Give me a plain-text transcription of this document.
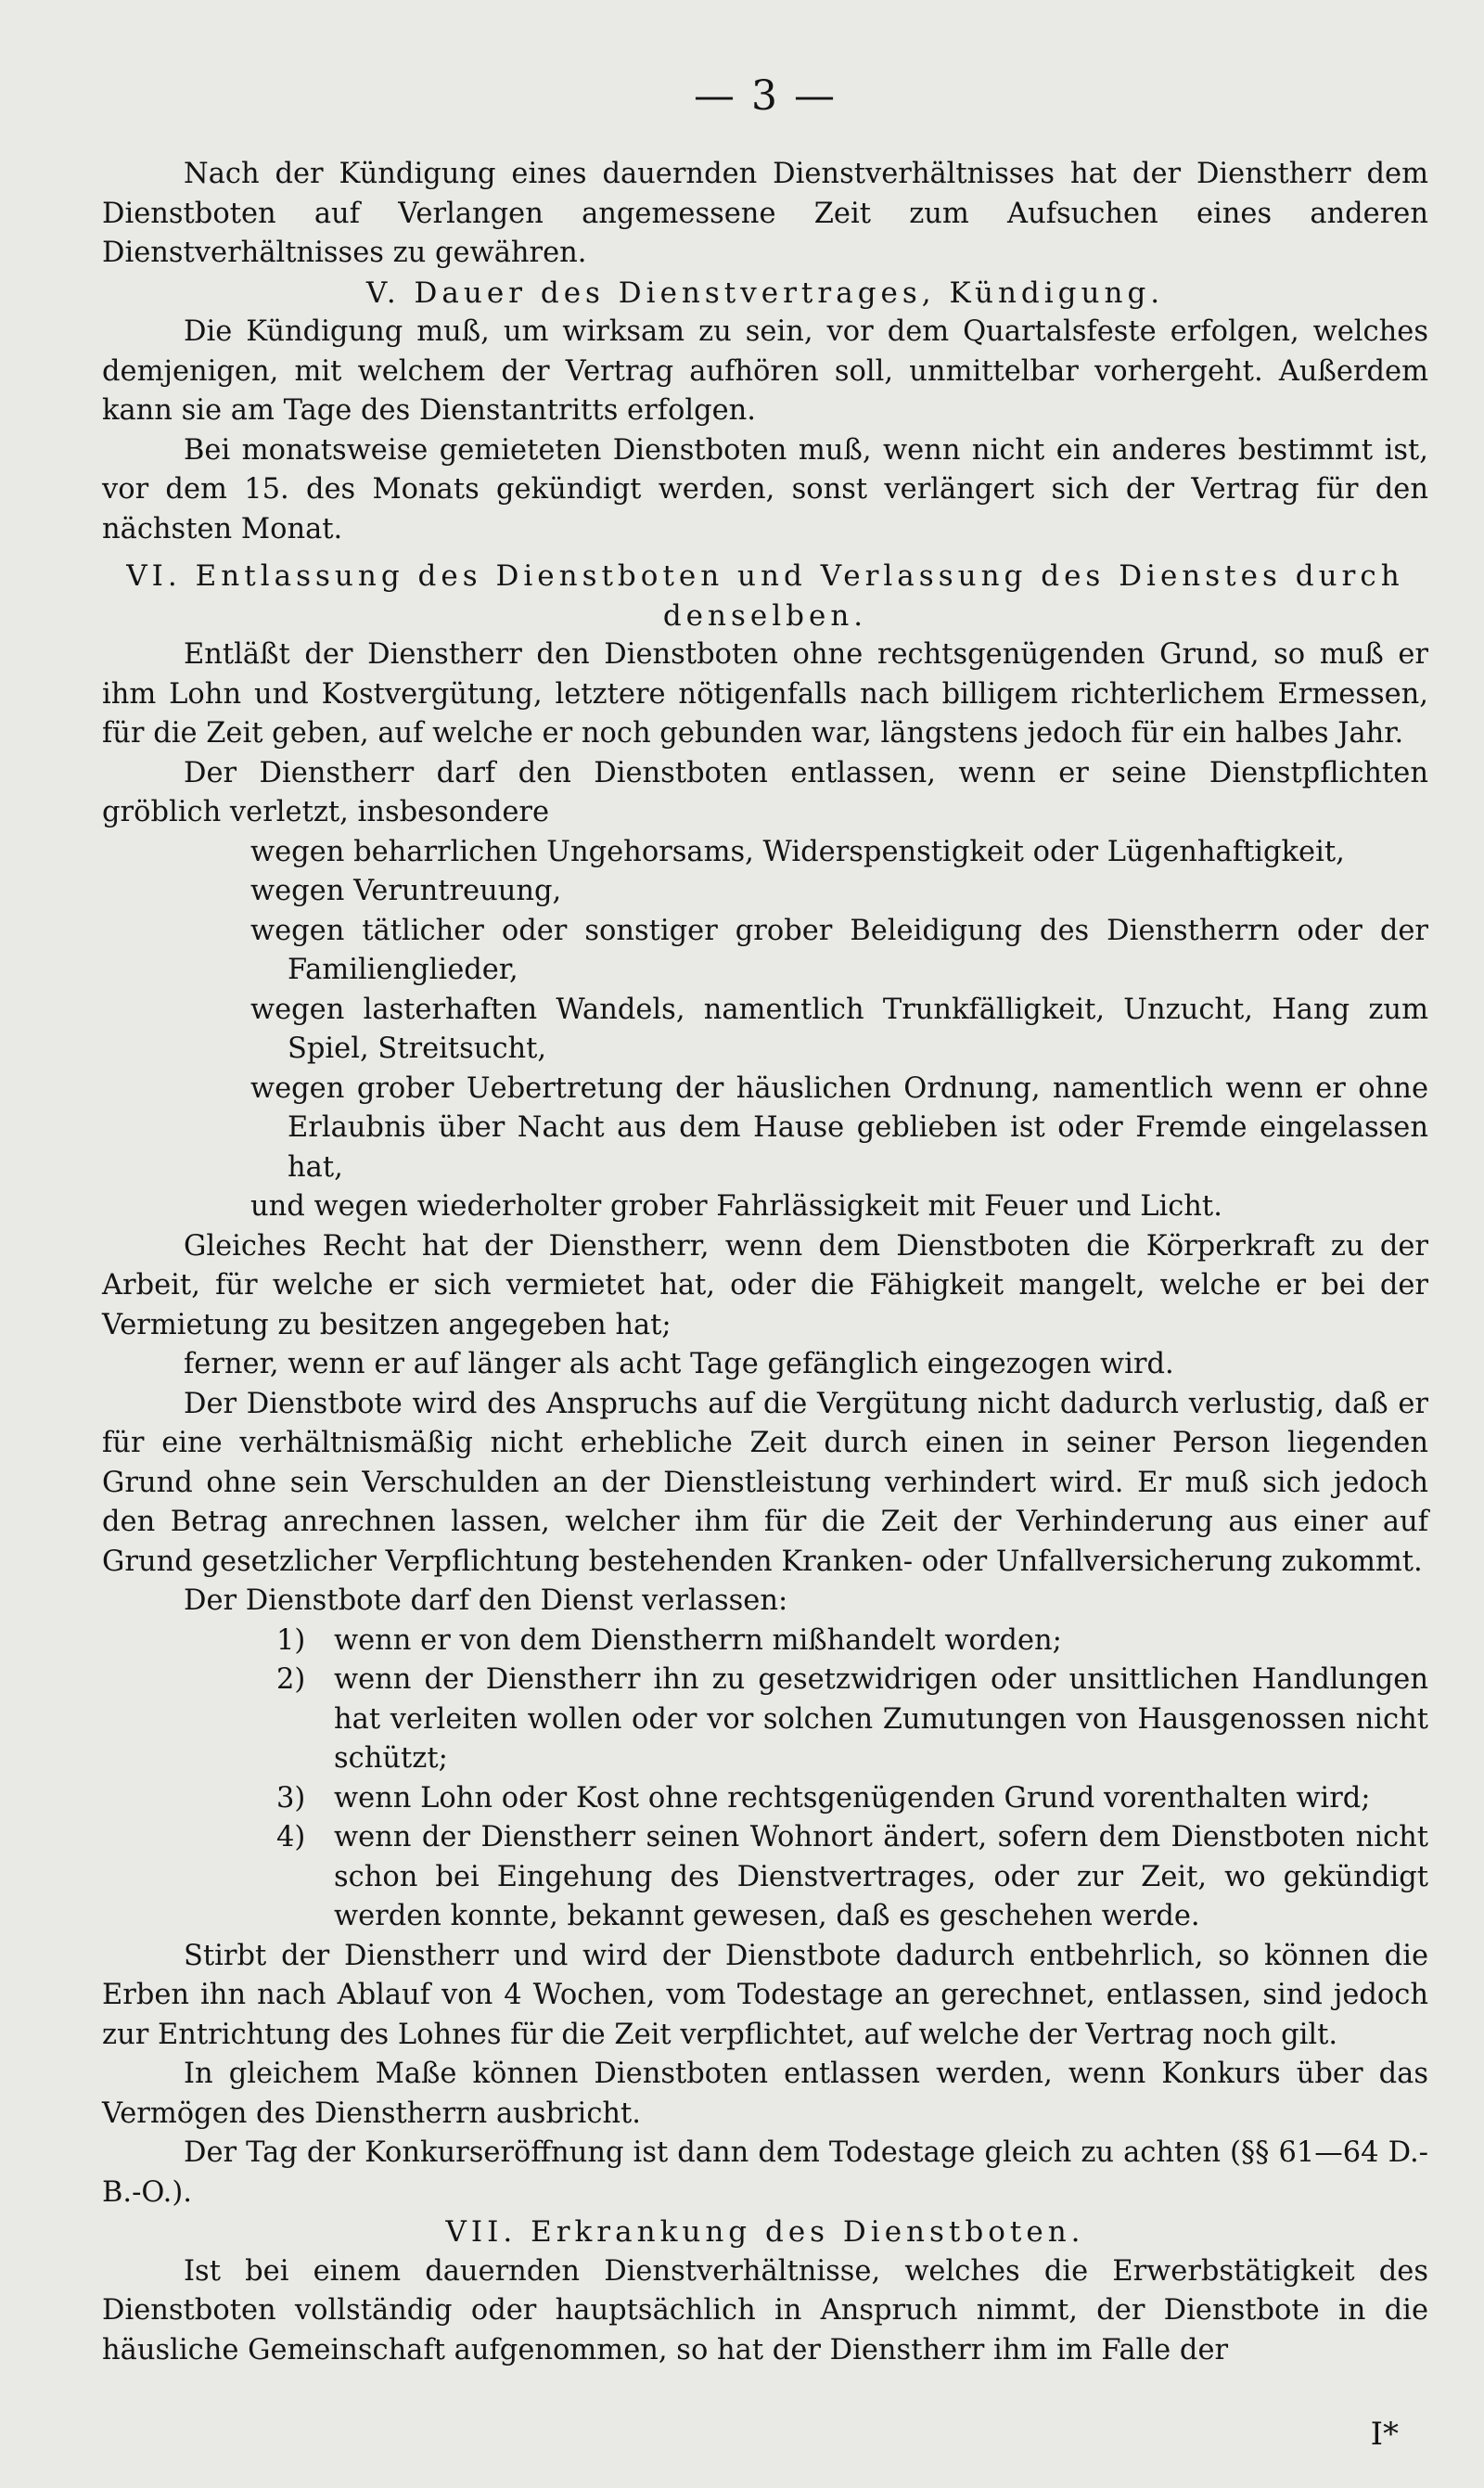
— 3 —

Nach der Kündigung eines dauernden Dienstverhältnisses hat der Dienstherr dem Dienstboten auf Verlangen angemessene Zeit zum Aufsuchen eines anderen Dienstverhältnisses zu gewähren.

V. Dauer des Dienstvertrages, Kündigung.

Die Kündigung muß, um wirksam zu sein, vor dem Quartalsfeste erfolgen, welches demjenigen, mit welchem der Vertrag aufhören soll, unmittelbar vorhergeht. Außerdem kann sie am Tage des Dienstantritts erfolgen.

Bei monatsweise gemieteten Dienstboten muß, wenn nicht ein anderes bestimmt ist, vor dem 15. des Monats gekündigt werden, sonst verlängert sich der Vertrag für den nächsten Monat.

VI. Entlassung des Dienstboten und Verlassung des Dienstes durch denselben.

Entläßt der Dienstherr den Dienstboten ohne rechtsgenügenden Grund, so muß er ihm Lohn und Kostvergütung, letztere nötigenfalls nach billigem richterlichem Ermessen, für die Zeit geben, auf welche er noch gebunden war, längstens jedoch für ein halbes Jahr.

Der Dienstherr darf den Dienstboten entlassen, wenn er seine Dienstpflichten gröblich verletzt, insbesondere

wegen beharrlichen Ungehorsams, Widerspenstigkeit oder Lügenhaftigkeit,
wegen Veruntreuung,
wegen tätlicher oder sonstiger grober Beleidigung des Dienstherrn oder der Familienglieder,
wegen lasterhaften Wandels, namentlich Trunkfälligkeit, Unzucht, Hang zum Spiel, Streitsucht,
wegen grober Uebertretung der häuslichen Ordnung, namentlich wenn er ohne Erlaubnis über Nacht aus dem Hause geblieben ist oder Fremde eingelassen hat,
und wegen wiederholter grober Fahrlässigkeit mit Feuer und Licht.

Gleiches Recht hat der Dienstherr, wenn dem Dienstboten die Körperkraft zu der Arbeit, für welche er sich vermietet hat, oder die Fähigkeit mangelt, welche er bei der Vermietung zu besitzen angegeben hat;

ferner, wenn er auf länger als acht Tage gefänglich eingezogen wird.

Der Dienstbote wird des Anspruchs auf die Vergütung nicht dadurch verlustig, daß er für eine verhältnismäßig nicht erhebliche Zeit durch einen in seiner Person liegenden Grund ohne sein Verschulden an der Dienstleistung verhindert wird. Er muß sich jedoch den Betrag anrechnen lassen, welcher ihm für die Zeit der Verhinderung aus einer auf Grund gesetzlicher Verpflichtung bestehenden Kranken- oder Unfallversicherung zukommt.

Der Dienstbote darf den Dienst verlassen:

1) wenn er von dem Dienstherrn mißhandelt worden;
2) wenn der Dienstherr ihn zu gesetzwidrigen oder unsittlichen Handlungen hat verleiten wollen oder vor solchen Zumutungen von Hausgenossen nicht schützt;
3) wenn Lohn oder Kost ohne rechtsgenügenden Grund vorenthalten wird;
4) wenn der Dienstherr seinen Wohnort ändert, sofern dem Dienstboten nicht schon bei Eingehung des Dienstvertrages, oder zur Zeit, wo gekündigt werden konnte, bekannt gewesen, daß es geschehen werde.

Stirbt der Dienstherr und wird der Dienstbote dadurch entbehrlich, so können die Erben ihn nach Ablauf von 4 Wochen, vom Todestage an gerechnet, entlassen, sind jedoch zur Entrichtung des Lohnes für die Zeit verpflichtet, auf welche der Vertrag noch gilt.

In gleichem Maße können Dienstboten entlassen werden, wenn Konkurs über das Vermögen des Dienstherrn ausbricht.

Der Tag der Konkurseröffnung ist dann dem Todestage gleich zu achten (§§ 61—64 D.-B.-O.).

VII. Erkrankung des Dienstboten.

Ist bei einem dauernden Dienstverhältnisse, welches die Erwerbstätigkeit des Dienstboten vollständig oder hauptsächlich in Anspruch nimmt, der Dienstbote in die häusliche Gemeinschaft aufgenommen, so hat der Dienstherr ihm im Falle der

I*
